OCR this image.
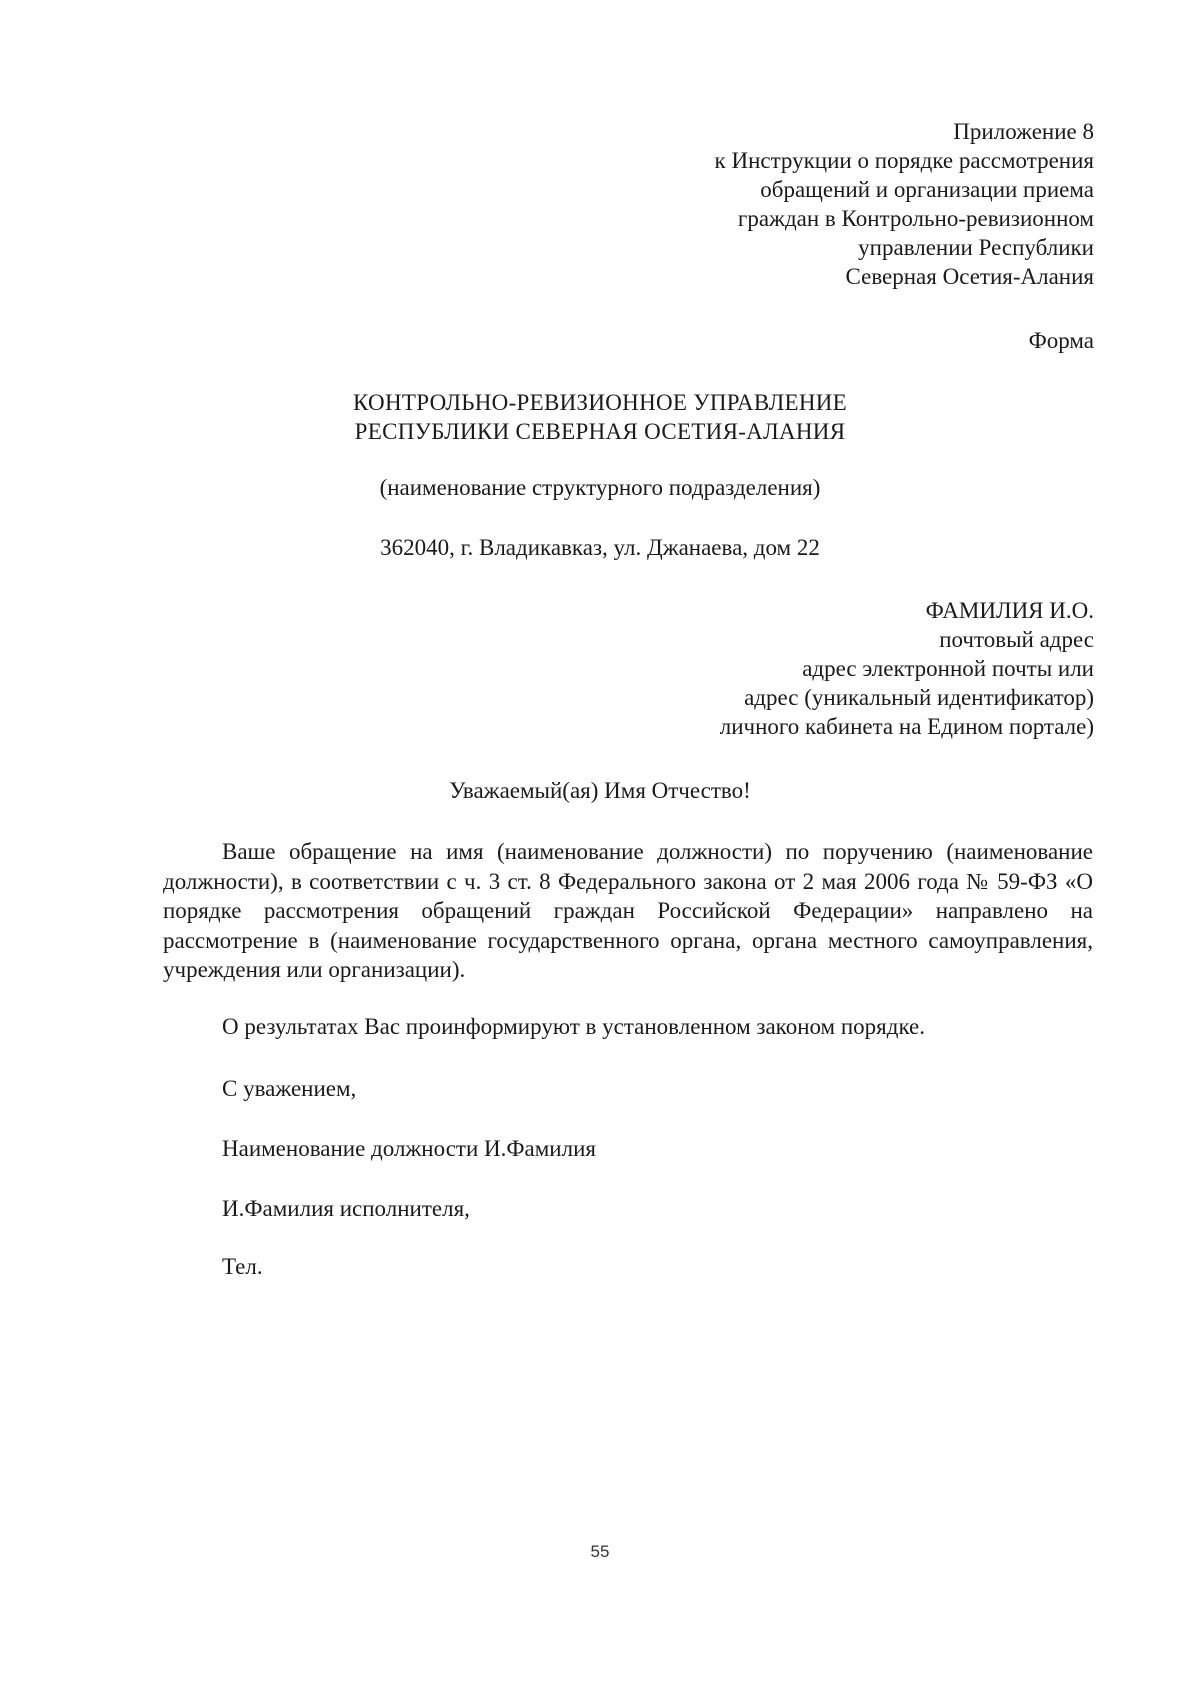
Приложение 8
к Инструкции о порядке рассмотрения
обращений и организации приема
граждан в Контрольно-ревизионном
управлении Республики
Северная Осетия-Алания
Форма
КОНТРОЛЬНО-РЕВИЗИОННОЕ УПРАВЛЕНИЕ
РЕСПУБЛИКИ СЕВЕРНАЯ ОСЕТИЯ-АЛАНИЯ
(наименование структурного подразделения)
362040, г. Владикавказ, ул. Джанаева, дом 22
ФАМИЛИЯ И.О.
почтовый адрес
адрес электронной почты или
адрес (уникальный идентификатор)
личного кабинета на Едином портале)
Уважаемый(ая) Имя Отчество!

Ваше обращение на имя (наименование должности) по поручению (наименование должности), в соответствии с ч. 3 ст. 8 Федерального закона от 2 мая 2006 года № 59-ФЗ «О порядке рассмотрения обращений граждан Российской Федерации» направлено на рассмотрение в (наименование государственного органа, органа местного самоуправления, учреждения или организации).

О результатах Вас проинформируют в установленном законом порядке.
С уважением,
Наименование должности И.Фамилия
И.Фамилия исполнителя,
Тел.
55
